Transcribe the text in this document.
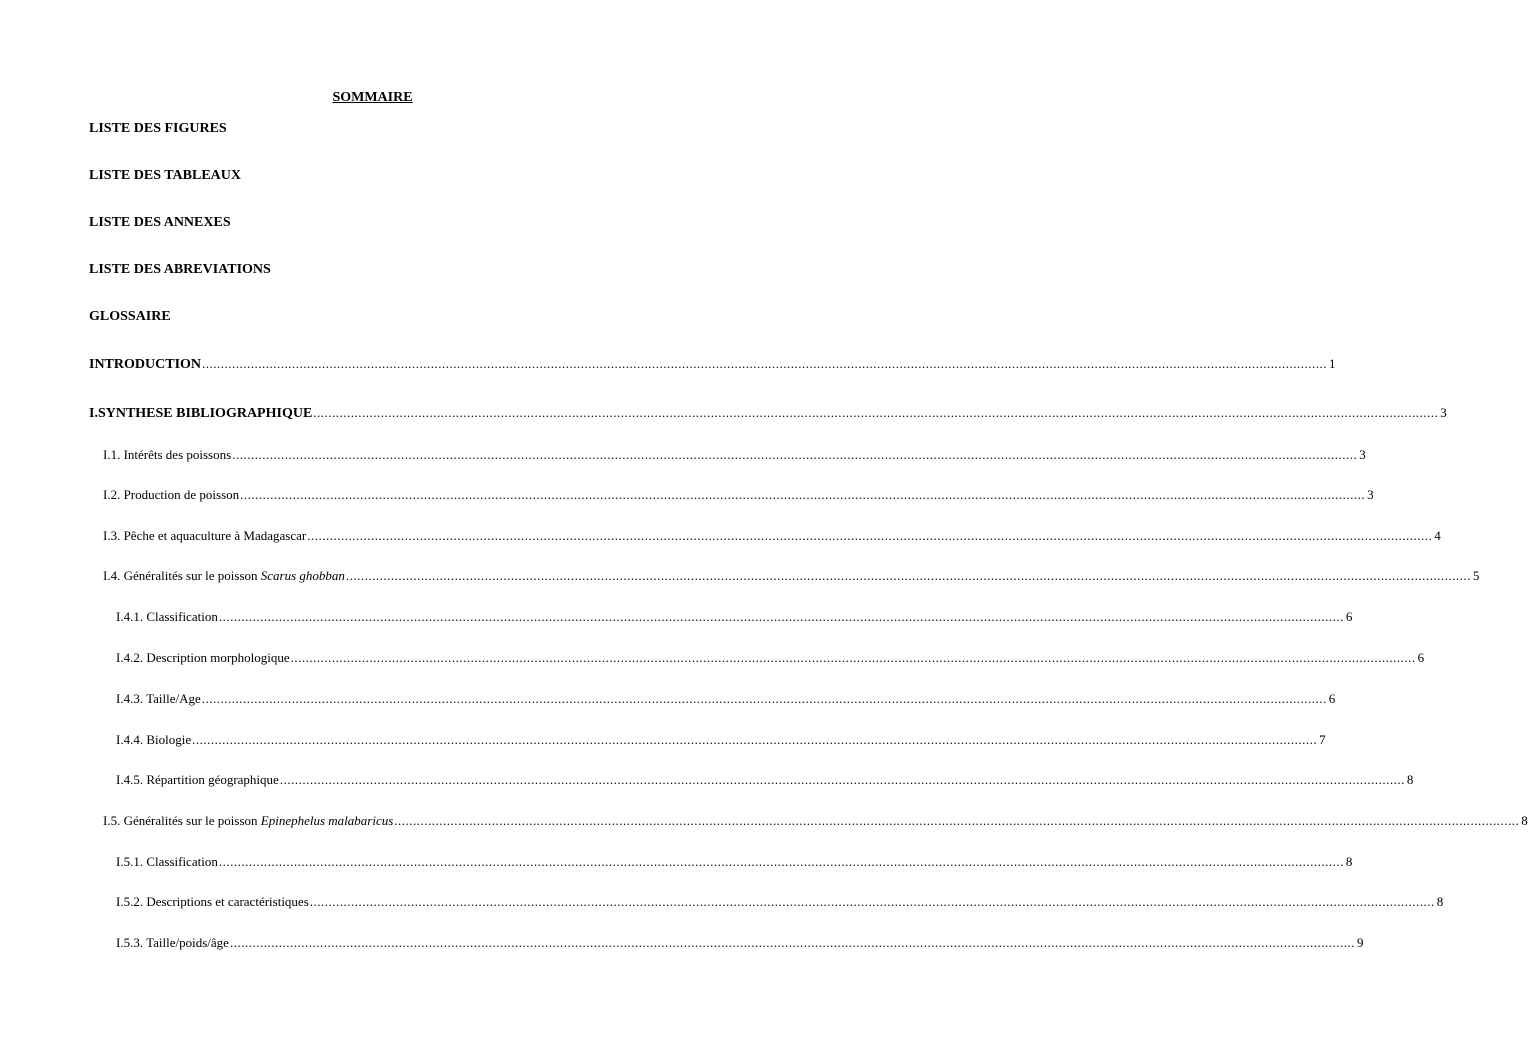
SOMMAIRE
LISTE DES FIGURES
LISTE DES TABLEAUX
LISTE DES ANNEXES
LISTE DES ABREVIATIONS
GLOSSAIRE
INTRODUCTION ............................................................................................................................................................................................................................................................................................................ 1
I.SYNTHESE BIBLIOGRAPHIQUE ............................................................................................................................................................................................................................................................................................................ 3
I.1. Intérêts des poissons ............................................................................................................................................................................................................................................................................................................ 3
I.2. Production de poisson ............................................................................................................................................................................................................................................................................................................ 3
I.3. Pêche et aquaculture à Madagascar ............................................................................................................................................................................................................................................................................................................ 4
I.4. Généralités sur le poisson Scarus ghobban ............................................................................................................................................................................................................................................................................................................ 5
I.4.1. Classification ............................................................................................................................................................................................................................................................................................................ 6
I.4.2. Description morphologique ............................................................................................................................................................................................................................................................................................................ 6
I.4.3. Taille/Age ............................................................................................................................................................................................................................................................................................................ 6
I.4.4. Biologie ............................................................................................................................................................................................................................................................................................................ 7
I.4.5. Répartition géographique ............................................................................................................................................................................................................................................................................................................ 8
I.5. Généralités sur le poisson Epinephelus malabaricus ............................................................................................................................................................................................................................................................................................................ 8
I.5.1. Classification ............................................................................................................................................................................................................................................................................................................ 8
I.5.2. Descriptions et caractéristiques ............................................................................................................................................................................................................................................................................................................ 8
I.5.3. Taille/poids/âge ............................................................................................................................................................................................................................................................................................................ 9
